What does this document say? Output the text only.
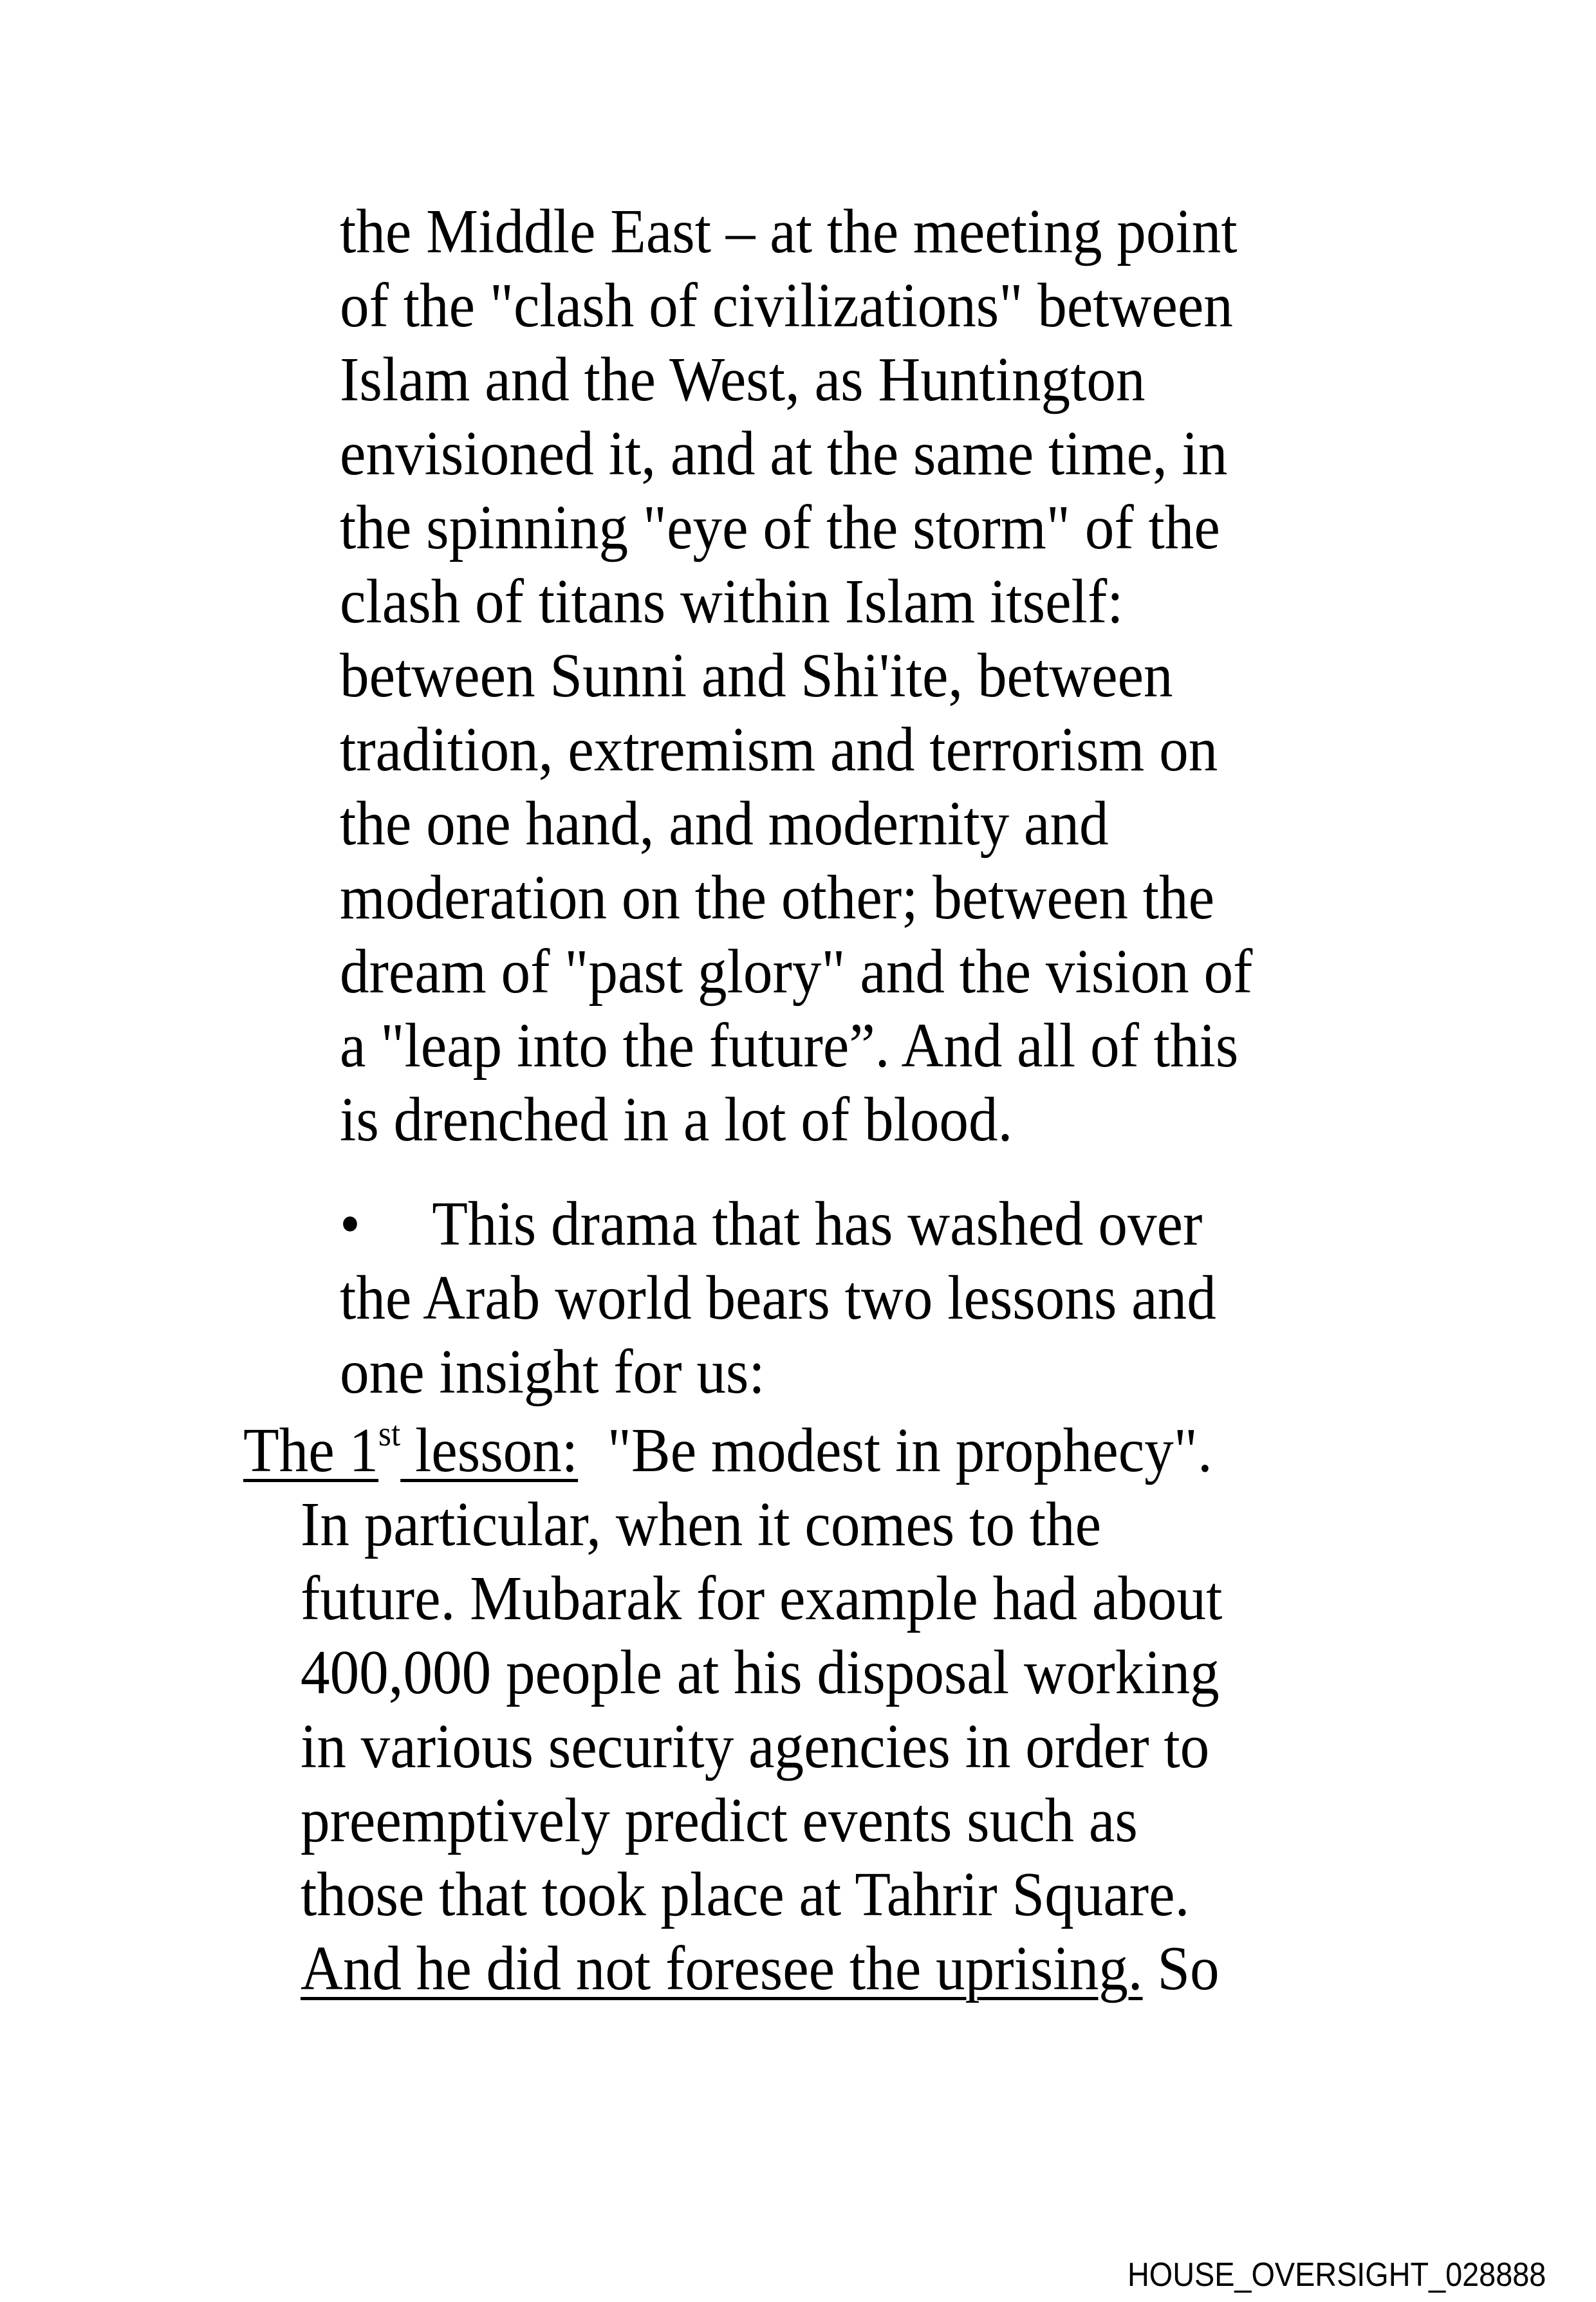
the Middle East – at the meeting point
of the "clash of civilizations" between
Islam and the West, as Huntington
envisioned it, and at the same time, in
the spinning "eye of the storm" of the
clash of titans within Islam itself:
between Sunni and Shi'ite, between
tradition, extremism and terrorism on
the one hand, and modernity and
moderation on the other; between the
dream of "past glory" and the vision of
a "leap into the future”. And all of this
is drenched in a lot of blood.
• This drama that has washed over
the Arab world bears two lessons and
one insight for us:
The 1st lesson:  "Be modest in prophecy".
In particular, when it comes to the
future. Mubarak for example had about
400,000 people at his disposal working
in various security agencies in order to
preemptively predict events such as
those that took place at Tahrir Square.
And he did not foresee the uprising. So
HOUSE_OVERSIGHT_028888
